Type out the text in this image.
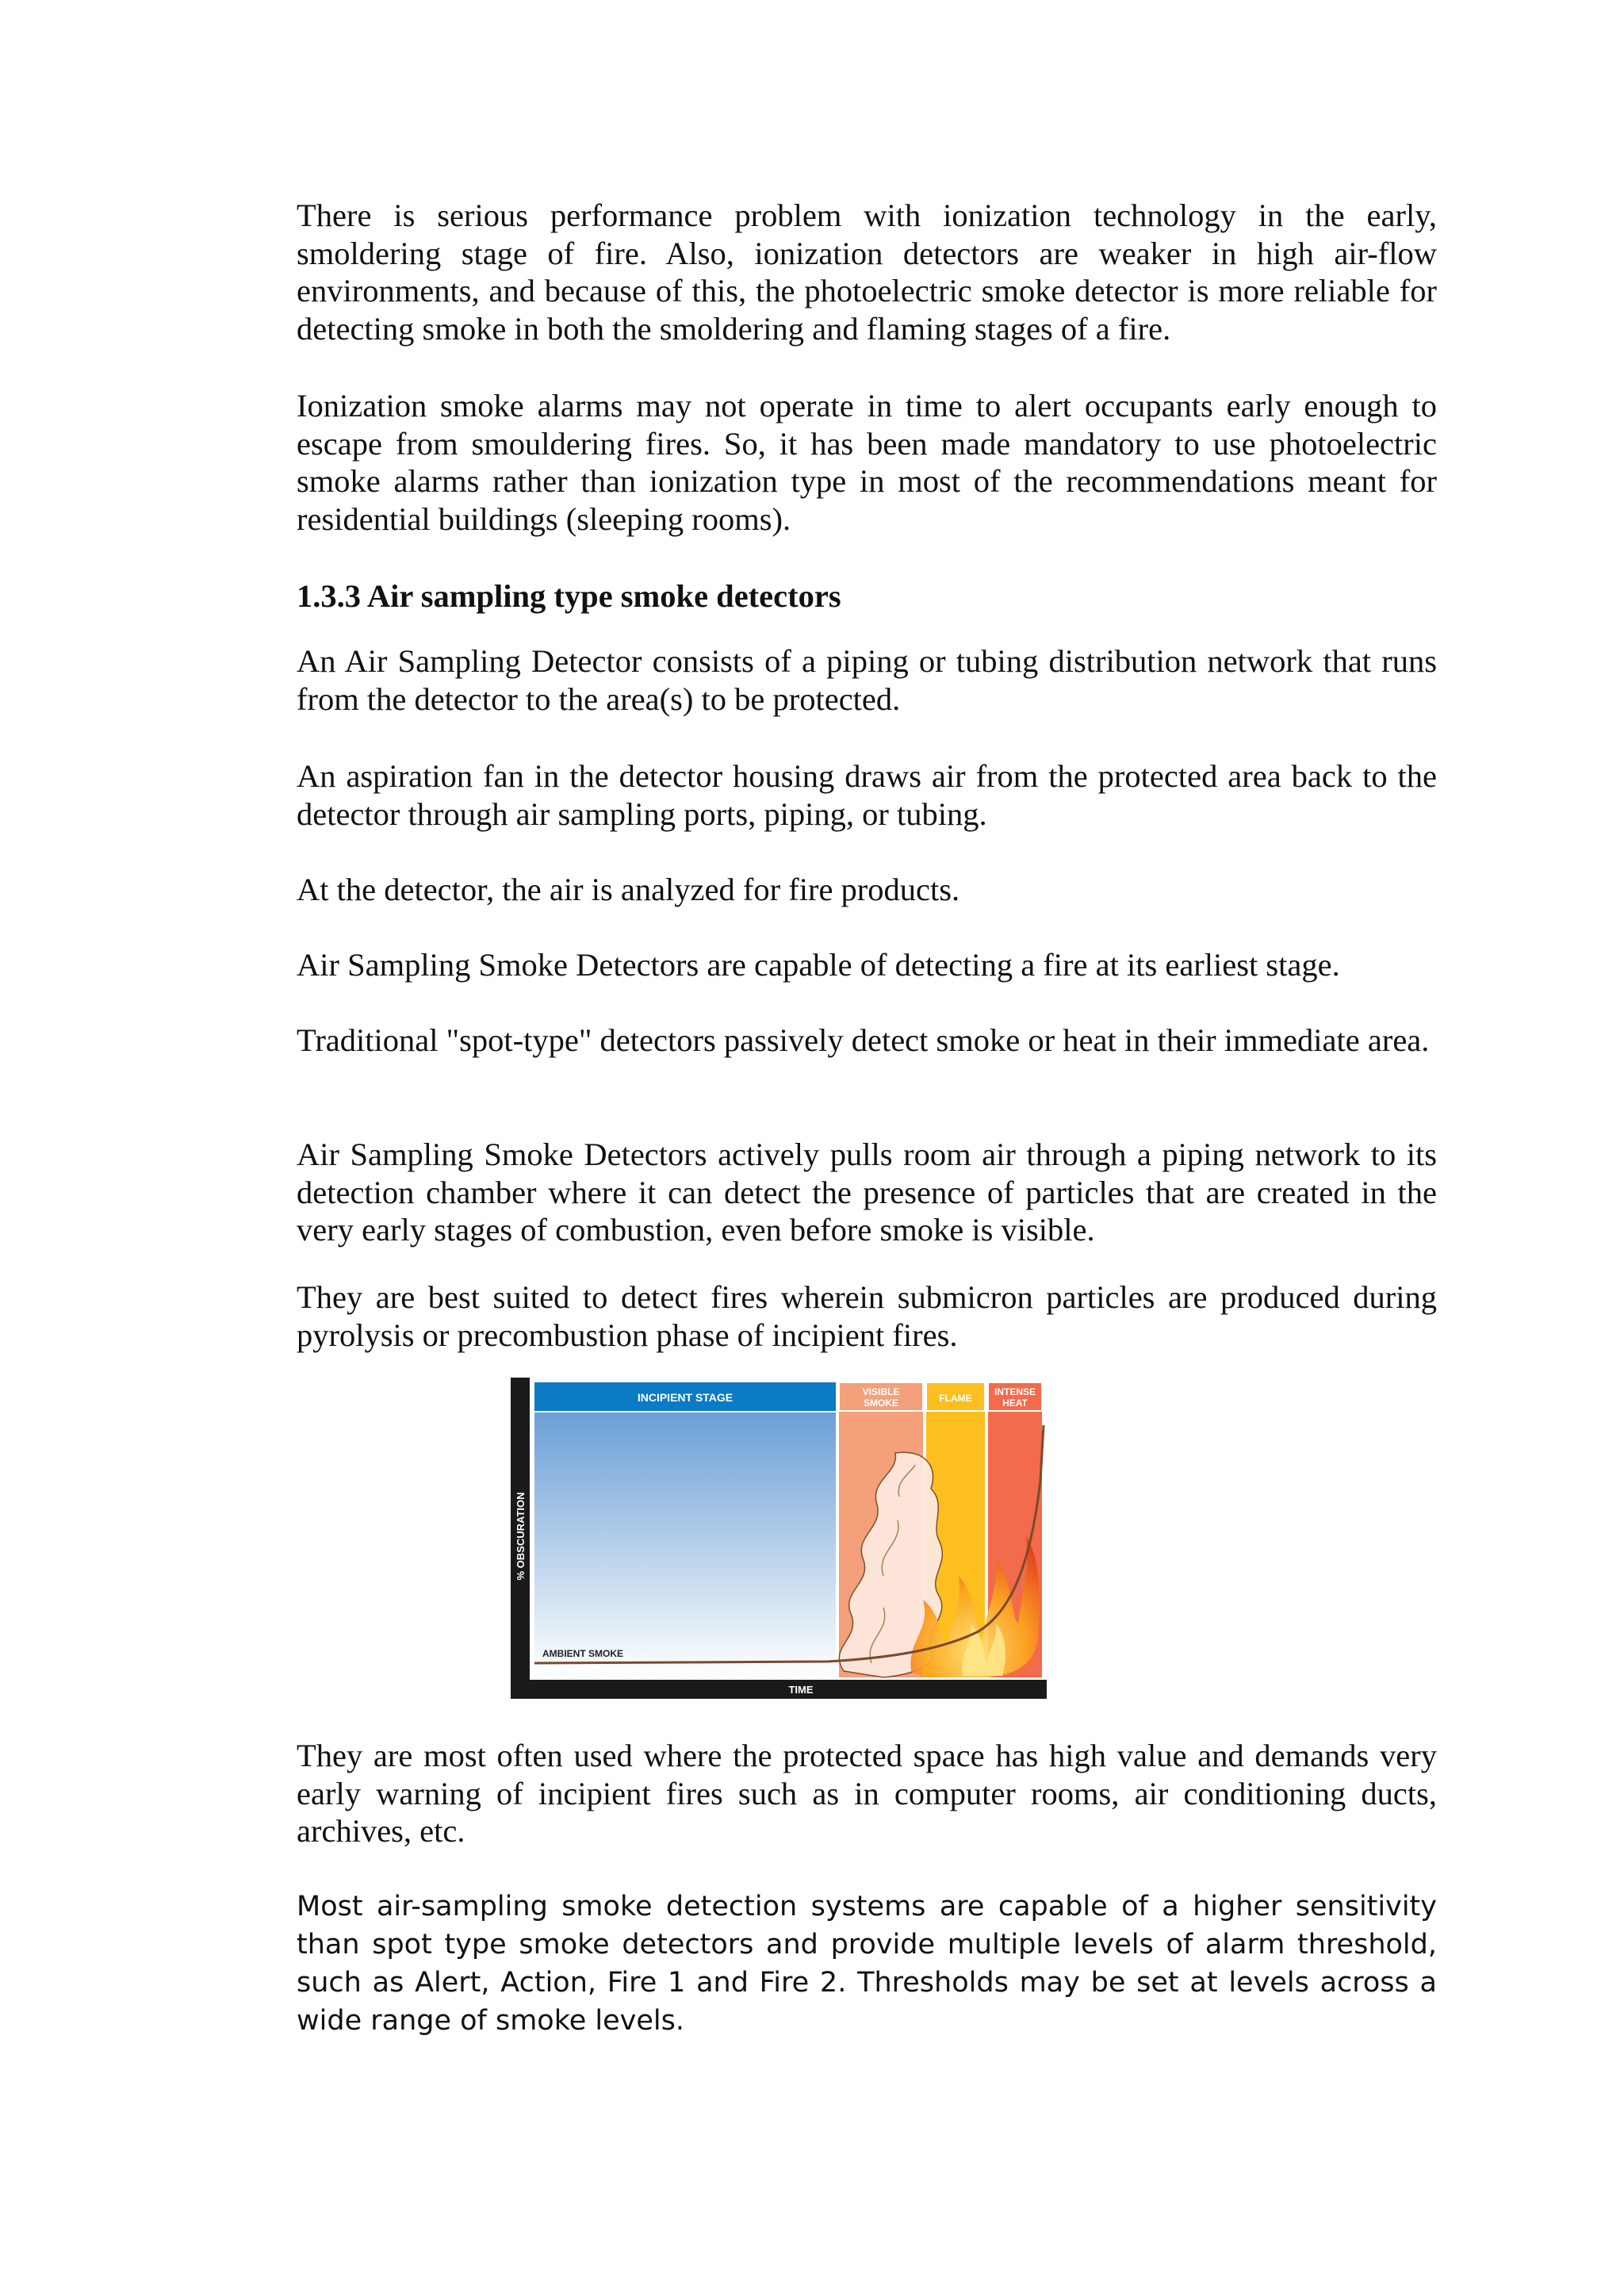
There is serious performance problem with ionization technology in the early, smoldering stage of fire. Also, ionization detectors are weaker in high air-flow environments, and because of this, the photoelectric smoke detector is more reliable for detecting smoke in both the smoldering and flaming stages of a fire.

Ionization smoke alarms may not operate in time to alert occupants early enough to escape from smouldering fires. So, it has been made mandatory to use photoelectric smoke alarms rather than ionization type in most of the recommendations meant for residential buildings (sleeping rooms).

1.3.3 Air sampling type smoke detectors

An Air Sampling Detector consists of a piping or tubing distribution network that runs from the detector to the area(s) to be protected.

An aspiration fan in the detector housing draws air from the protected area back to the detector through air sampling ports, piping, or tubing.

At the detector, the air is analyzed for fire products.

Air Sampling Smoke Detectors are capable of detecting a fire at its earliest stage.

Traditional "spot-type" detectors passively detect smoke or heat in their immediate area.

Air Sampling Smoke Detectors actively pulls room air through a piping network to its detection chamber where it can detect the presence of particles that are created in the very early stages of combustion, even before smoke is visible.

They are best suited to detect fires wherein submicron particles are produced during pyrolysis or precombustion phase of incipient fires.

INCIPIENT STAGE	VISIBLE
SMOKE	FLAME
INTENSE
HEAT
% OBSCURATION
TIME
AMBIENT SMOKE

They are most often used where the protected space has high value and demands very early warning of incipient fires such as in computer rooms, air conditioning ducts, archives, etc.

Most air-sampling smoke detection systems are capable of a higher sensitivity than spot type smoke detectors and provide multiple levels of alarm threshold, such as Alert, Action, Fire 1 and Fire 2. Thresholds may be set at levels across a wide range of smoke levels.
